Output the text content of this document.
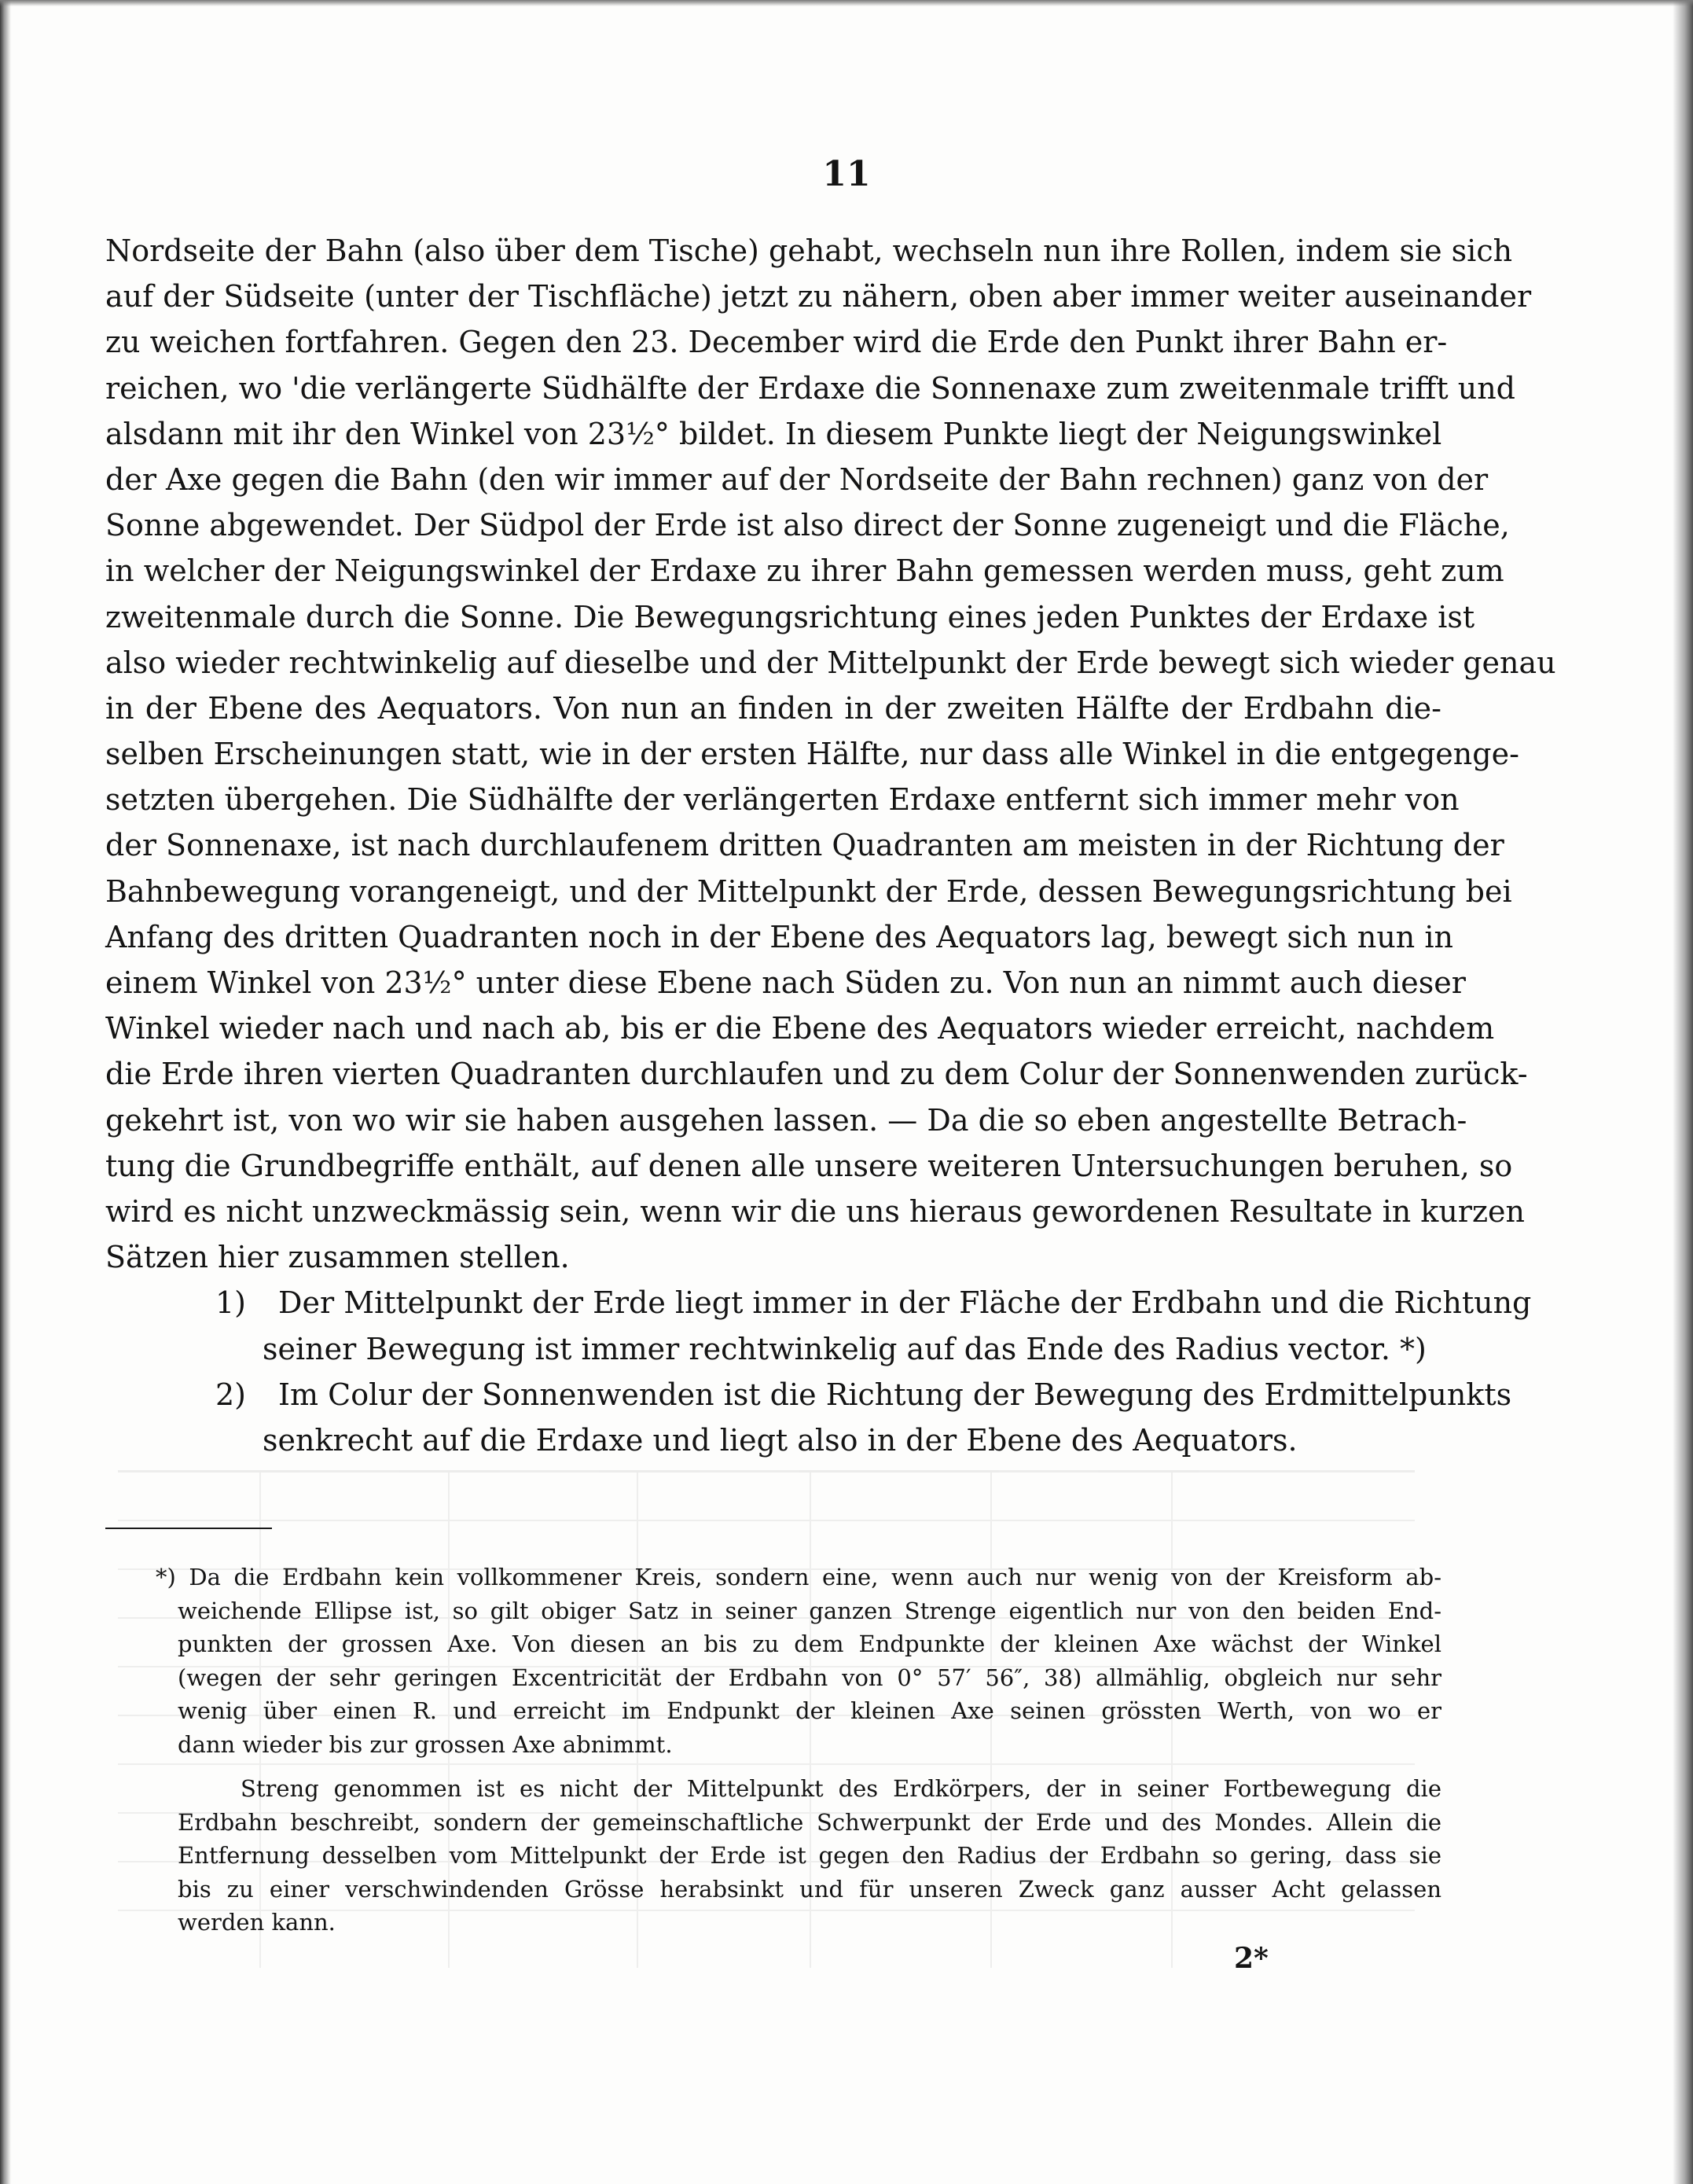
11
Nordseite der Bahn (also über dem Tische) gehabt, wechseln nun ihre Rollen, indem sie sich
auf der Südseite (unter der Tischfläche) jetzt zu nähern, oben aber immer weiter auseinander
zu weichen fortfahren. Gegen den 23. December wird die Erde den Punkt ihrer Bahn er-
reichen, wo 'die verlängerte Südhälfte der Erdaxe die Sonnenaxe zum zweitenmale trifft und
alsdann mit ihr den Winkel von 23½° bildet. In diesem Punkte liegt der Neigungswinkel
der Axe gegen die Bahn (den wir immer auf der Nordseite der Bahn rechnen) ganz von der
Sonne abgewendet. Der Südpol der Erde ist also direct der Sonne zugeneigt und die Fläche,
in welcher der Neigungswinkel der Erdaxe zu ihrer Bahn gemessen werden muss, geht zum
zweitenmale durch die Sonne. Die Bewegungsrichtung eines jeden Punktes der Erdaxe ist
also wieder rechtwinkelig auf dieselbe und der Mittelpunkt der Erde bewegt sich wieder genau
in der Ebene des Aequators. Von nun an finden in der zweiten Hälfte der Erdbahn die-
selben Erscheinungen statt, wie in der ersten Hälfte, nur dass alle Winkel in die entgegenge-
setzten übergehen. Die Südhälfte der verlängerten Erdaxe entfernt sich immer mehr von
der Sonnenaxe, ist nach durchlaufenem dritten Quadranten am meisten in der Richtung der
Bahnbewegung vorangeneigt, und der Mittelpunkt der Erde, dessen Bewegungsrichtung bei
Anfang des dritten Quadranten noch in der Ebene des Aequators lag, bewegt sich nun in
einem Winkel von 23½° unter diese Ebene nach Süden zu. Von nun an nimmt auch dieser
Winkel wieder nach und nach ab, bis er die Ebene des Aequators wieder erreicht, nachdem
die Erde ihren vierten Quadranten durchlaufen und zu dem Colur der Sonnenwenden zurück-
gekehrt ist, von wo wir sie haben ausgehen lassen. — Da die so eben angestellte Betrach-
tung die Grundbegriffe enthält, auf denen alle unsere weiteren Untersuchungen beruhen, so
wird es nicht unzweckmässig sein, wenn wir die uns hieraus gewordenen Resultate in kurzen
Sätzen hier zusammen stellen.
1) Der Mittelpunkt der Erde liegt immer in der Fläche der Erdbahn und die Richtung
seiner Bewegung ist immer rechtwinkelig auf das Ende des Radius vector. *)
2) Im Colur der Sonnenwenden ist die Richtung der Bewegung des Erdmittelpunkts
senkrecht auf die Erdaxe und liegt also in der Ebene des Aequators.
*) Da die Erdbahn kein vollkommener Kreis, sondern eine, wenn auch nur wenig von der Kreisform ab-
weichende Ellipse ist, so gilt obiger Satz in seiner ganzen Strenge eigentlich nur von den beiden End-
punkten der grossen Axe. Von diesen an bis zu dem Endpunkte der kleinen Axe wächst der Winkel
(wegen der sehr geringen Excentricität der Erdbahn von 0° 57′ 56″, 38) allmählig, obgleich nur sehr
wenig über einen R. und erreicht im Endpunkt der kleinen Axe seinen grössten Werth, von wo er
dann wieder bis zur grossen Axe abnimmt.
Streng genommen ist es nicht der Mittelpunkt des Erdkörpers, der in seiner Fortbewegung die
Erdbahn beschreibt, sondern der gemeinschaftliche Schwerpunkt der Erde und des Mondes. Allein die
Entfernung desselben vom Mittelpunkt der Erde ist gegen den Radius der Erdbahn so gering, dass sie
bis zu einer verschwindenden Grösse herabsinkt und für unseren Zweck ganz ausser Acht gelassen
werden kann.
2*
